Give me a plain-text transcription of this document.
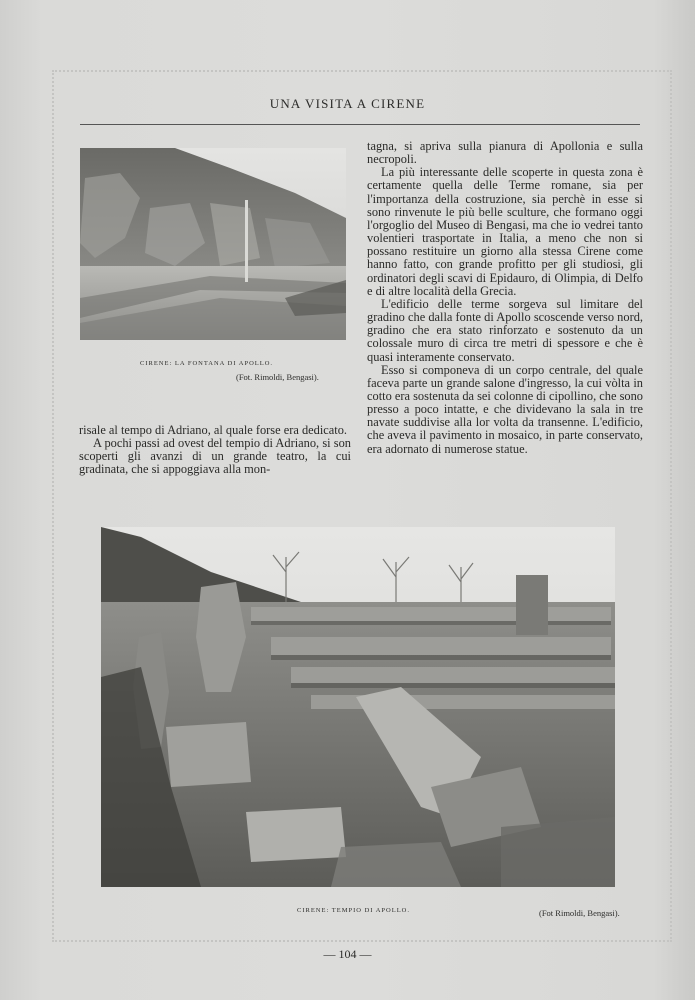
UNA VISITA A CIRENE
CIRENE: LA FONTANA DI APOLLO.
(Fot. Rimoldi, Bengasi).

risale al tempo di Adriano, al quale forse era dedicato.

A pochi passi ad ovest del tempio di Adriano, si son scoperti gli avanzi di un grande teatro, la cui gradinata, che si appoggiava alla mon-

tagna, si apriva sulla pianura di Apollonia e sulla necropoli.

La più interessante delle scoperte in questa zona è certamente quella delle Terme romane, sia per l'importanza della costruzione, sia perchè in esse si sono rinvenute le più belle sculture, che formano oggi l'orgoglio del Museo di Bengasi, ma che io vedrei tanto volentieri trasportate in Italia, a meno che non si possano restituire un giorno alla stessa Cirene come hanno fatto, con grande profitto per gli studiosi, gli ordinatori degli scavi di Epidauro, di Olimpia, di Delfo e di altre località della Grecia.

L'edificio delle terme sorgeva sul limitare del gradino che dalla fonte di Apollo scoscende verso nord, gradino che era stato rinforzato e sostenuto da un colossale muro di circa tre metri di spessore e che è quasi interamente conservato.

Esso si componeva di un corpo centrale, del quale faceva parte un grande salone d'ingresso, la cui vòlta in cotto era sostenuta da sei colonne di cipollino, che sono presso a poco intatte, e che dividevano la sala in tre navate suddivise alla lor volta da transenne. L'edificio, che aveva il pavimento in mosaico, in parte conservato, era adornato di numerose statue.

CIRENE: TEMPIO DI APOLLO.	(Fot Rimoldi, Bengasi).
— 104 —
